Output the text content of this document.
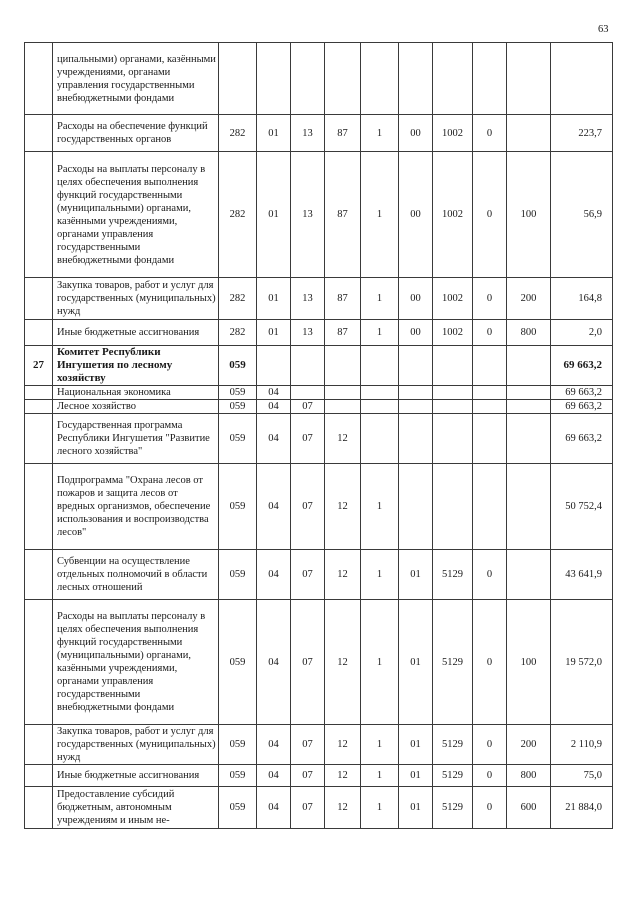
63
	ципальными) органами, казёнными учреждениями, органами управления государственными внебюджетными фондами										
	Расходы на обеспечение функций государственных органов	282	01	13	87	1	00	1002	0		223,7
	Расходы на выплаты персоналу в целях обеспечения выполнения функций государственными (муниципальными) органами, казёнными учреждениями, органами управления государственными внебюджетными фондами	282	01	13	87	1	00	1002	0	100	56,9
	Закупка товаров, работ и услуг для государственных (муниципальных) нужд	282	01	13	87	1	00	1002	0	200	164,8
	Иные бюджетные ассигнования	282	01	13	87	1	00	1002	0	800	2,0
27	Комитет Республики Ингушетия по лесному хозяйству	059									69 663,2
	Национальная экономика	059	04								69 663,2
	Лесное хозяйство	059	04	07							69 663,2
	Государственная программа Республики Ингушетия "Развитие лесного хозяйства"	059	04	07	12						69 663,2
	Подпрограмма "Охрана лесов от пожаров и защита лесов от вредных организмов, обеспечение использования и воспроизводства лесов"	059	04	07	12	1					50 752,4
	Субвенции на осуществление отдельных полномочий в области лесных отношений	059	04	07	12	1	01	5129	0		43 641,9
	Расходы на выплаты персоналу в целях обеспечения выполнения функций государственными (муниципальными) органами, казёнными учреждениями, органами управления государственными внебюджетными фондами	059	04	07	12	1	01	5129	0	100	19 572,0
	Закупка товаров, работ и услуг для государственных (муниципальных) нужд	059	04	07	12	1	01	5129	0	200	2 110,9
	Иные бюджетные ассигнования	059	04	07	12	1	01	5129	0	800	75,0
	Предоставление субсидий бюджетным, автономным учреждениям и иным не-	059	04	07	12	1	01	5129	0	600	21 884,0
